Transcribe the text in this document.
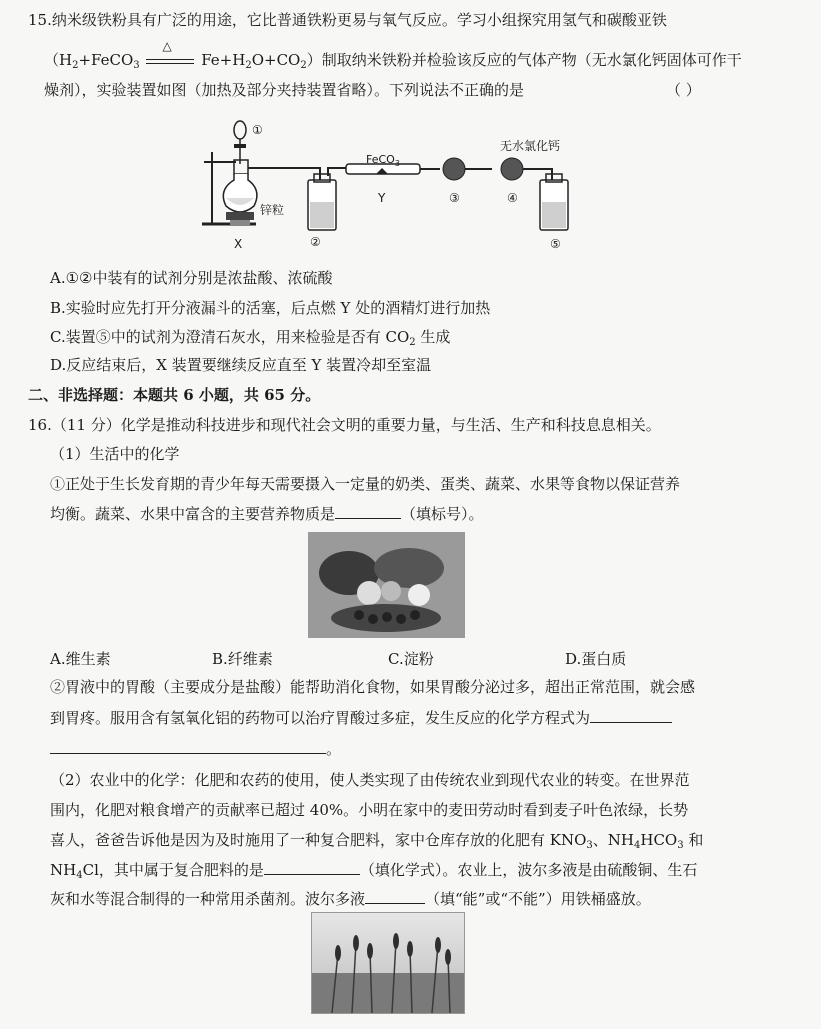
15.纳米级铁粉具有广泛的用途，它比普通铁粉更易与氧气反应。学习小组探究用氢气和碳酸亚铁
（$H_2+FeCO_3$
△
$Fe+H_2O+CO_2$）制取纳米铁粉并检验该反应的气体产物（无水氯化钙固体可作干
燥剂），实验装置如图（加热及部分夹持装置省略）。下列说法不正确的是	（ ）
①
FeCO$_3$
无水氯化钙
锌粒
X
Y
②
③	④
⑤
A.①②中装有的试剂分别是浓盐酸、浓硫酸
B.实验时应先打开分液漏斗的活塞，后点燃 Y 处的酒精灯进行加热
C.装置⑤中的试剂为澄清石灰水，用来检验是否有 $CO_2$ 生成
D.反应结束后，X 装置要继续反应直至 Y 装置冷却至室温
二、非选择题：本题共 6 小题，共 65 分。
16.（11 分）化学是推动科技进步和现代社会文明的重要力量，与生活、生产和科技息息相关。
（1）生活中的化学
①正处于生长发育期的青少年每天需要摄入一定量的奶类、蛋类、蔬菜、水果等食物以保证营养
均衡。蔬菜、水果中富含的主要营养物质是	（填标号）。
A.维生素	B.纤维素	C.淀粉	D.蛋白质
②胃液中的胃酸（主要成分是盐酸）能帮助消化食物，如果胃酸分泌过多，超出正常范围，就会感
到胃疼。服用含有氢氧化铝的药物可以治疗胃酸过多症，发生反应的化学方程式为
。
（2）农业中的化学：化肥和农药的使用，使人类实现了由传统农业到现代农业的转变。在世界范
围内，化肥对粮食增产的贡献率已超过 40%。小明在家中的麦田劳动时看到麦子叶色浓绿，长势
喜人，爸爸告诉他是因为及时施用了一种复合肥料，家中仓库存放的化肥有 $KNO_3$、$NH_4HCO_3$ 和
$NH_4Cl$，其中属于复合肥料的是	（填化学式）。农业上，波尔多液是由硫酸铜、生石
灰和水等混合制得的一种常用杀菌剂。波尔多液	（填“能”或“不能”）用铁桶盛放。
